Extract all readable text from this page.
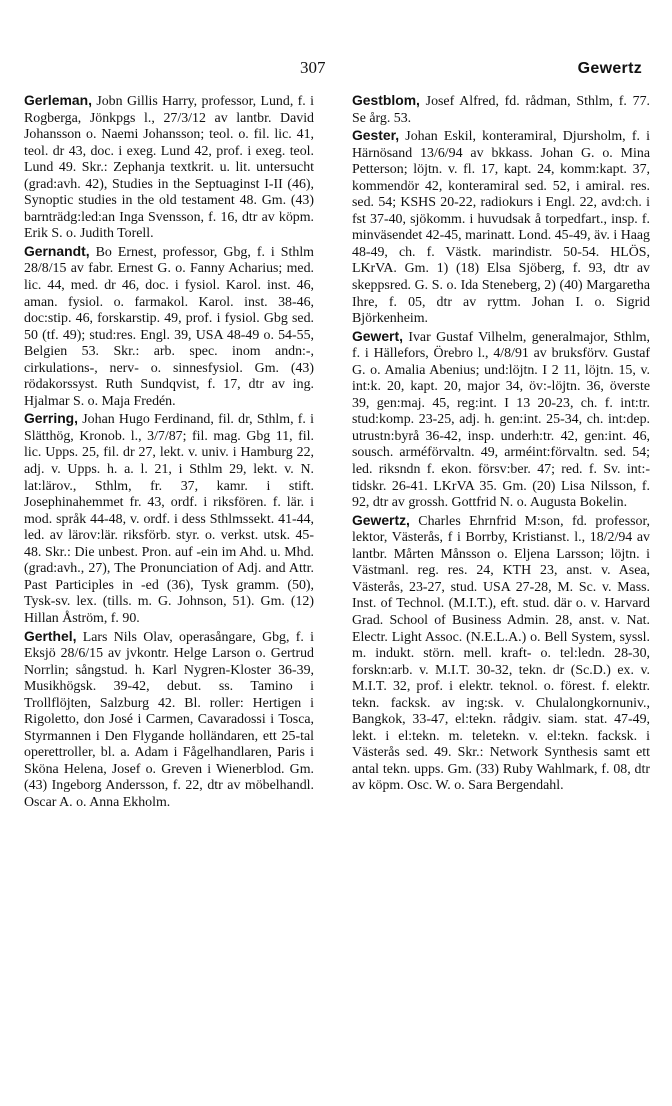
307	Gewertz

Gerleman, Jobn Gillis Harry, professor, Lund, f. i Rogberga, Jönkpgs l., 27/3/12 av lantbr. David Johansson o. Naemi Johansson; teol. o. fil. lic. 41, teol. dr 43, doc. i exeg. Lund 42, prof. i exeg. teol. Lund 49. Skr.: Zephanja textkrit. u. lit. untersucht (grad:avh. 42), Studies in the Septuaginst I-II (46), Synoptic studies in the old testament 48. Gm. (43) barnträdg:led:an Inga Svensson, f. 16, dtr av köpm. Erik S. o. Judith Torell.

Gernandt, Bo Ernest, professor, Gbg, f. i Sthlm 28/8/15 av fabr. Ernest G. o. Fanny Acharius; med. lic. 44, med. dr 46, doc. i fysiol. Karol. inst. 46, aman. fysiol. o. farmakol. Karol. inst. 38-46, doc:stip. 46, forskarstip. 49, prof. i fysiol. Gbg sed. 50 (tf. 49); stud:res. Engl. 39, USA 48-49 o. 54-55, Belgien 53. Skr.: arb. spec. inom andn:-, cirkulations-, nerv- o. sinnesfysiol. Gm. (43) rödakorssyst. Ruth Sundqvist, f. 17, dtr av ing. Hjalmar S. o. Maja Fredén.

Gerring, Johan Hugo Ferdinand, fil. dr, Sthlm, f. i Slätthög, Kronob. l., 3/7/87; fil. mag. Gbg 11, fil. lic. Upps. 25, fil. dr 27, lekt. v. univ. i Hamburg 22, adj. v. Upps. h. a. l. 21, i Sthlm 29, lekt. v. N. lat:lärov., Sthlm, fr. 37, kamr. i stift. Josephinahemmet fr. 43, ordf. i riksfören. f. lär. i mod. språk 44-48, v. ordf. i dess Sthlmssekt. 41-44, led. av lärov:lär. riksförb. styr. o. verkst. utsk. 45-48. Skr.: Die unbest. Pron. auf -ein im Ahd. u. Mhd. (grad:avh., 27), The Pronunciation of Adj. and Attr. Past Participles in -ed (36), Tysk gramm. (50), Tysk-sv. lex. (tills. m. G. Johnson, 51). Gm. (12) Hillan Åström, f. 90.

Gerthel, Lars Nils Olav, operasångare, Gbg, f. i Eksjö 28/6/15 av jvkontr. Helge Larson o. Gertrud Norrlin; sångstud. h. Karl Nygren-Kloster 36-39, Musikhögsk. 39-42, debut. ss. Tamino i Trollflöjten, Salzburg 42. Bl. roller: Hertigen i Rigoletto, don José i Carmen, Cavaradossi i Tosca, Styrmannen i Den Flygande holländaren, ett 25-tal operettroller, bl. a. Adam i Fågelhandlaren, Paris i Sköna Helena, Josef o. Greven i Wienerblod. Gm. (43) Ingeborg Andersson, f. 22, dtr av möbelhandl. Oscar A. o. Anna Ekholm.

Gestblom, Josef Alfred, fd. rådman, Sthlm, f. 77. Se årg. 53.

Gester, Johan Eskil, konteramiral, Djursholm, f. i Härnösand 13/6/94 av bkkass. Johan G. o. Mina Petterson; löjtn. v. fl. 17, kapt. 24, komm:kapt. 37, kommendör 42, konteramiral sed. 52, i amiral. res. sed. 54; KSHS 20-22, radiokurs i Engl. 22, avd:ch. i fst 37-40, sjökomm. i huvudsak å torpedfart., insp. f. minväsendet 42-45, marinatt. Lond. 45-49, äv. i Haag 48-49, ch. f. Västk. marindistr. 50-54. HLÖS, LKrVA. Gm. 1) (18) Elsa Sjöberg, f. 93, dtr av skeppsred. G. S. o. Ida Steneberg, 2) (40) Margaretha Ihre, f. 05, dtr av ryttm. Johan I. o. Sigrid Björkenheim.

Gewert, Ivar Gustaf Vilhelm, generalmajor, Sthlm, f. i Hällefors, Örebro l., 4/8/91 av bruksförv. Gustaf G. o. Amalia Abenius; und:löjtn. I 2 11, löjtn. 15, v. int:k. 20, kapt. 20, major 34, öv:-löjtn. 36, överste 39, gen:maj. 45, reg:int. I 13 20-23, ch. f. int:tr. stud:komp. 23-25, adj. h. gen:int. 25-34, ch. int:dep. utrustn:byrå 36-42, insp. underh:tr. 42, gen:int. 46, sousch. arméförvaltn. 49, arméint:förvaltn. sed. 54; led. riksndn f. ekon. försv:ber. 47; red. f. Sv. int:-tidskr. 26-41. LKrVA 35. Gm. (20) Lisa Nilsson, f. 92, dtr av grossh. Gottfrid N. o. Augusta Bokelin.

Gewertz, Charles Ehrnfrid M:son, fd. professor, lektor, Västerås, f i Borrby, Kristianst. l., 18/2/94 av lantbr. Mårten Månsson o. Eljena Larsson; löjtn. i Västmanl. reg. res. 24, KTH 23, anst. v. Asea, Västerås, 23-27, stud. USA 27-28, M. Sc. v. Mass. Inst. of Technol. (M.I.T.), eft. stud. där o. v. Harvard Grad. School of Business Admin. 28, anst. v. Nat. Electr. Light Assoc. (N.E.L.A.) o. Bell System, syssl. m. indukt. störn. mell. kraft- o. tel:ledn. 28-30, forskn:arb. v. M.I.T. 30-32, tekn. dr (Sc.D.) ex. v. M.I.T. 32, prof. i elektr. teknol. o. förest. f. elektr. tekn. facksk. av ing:sk. v. Chulalongkornuniv., Bangkok, 33-47, el:tekn. rådgiv. siam. stat. 47-49, lekt. i el:tekn. m. teletekn. v. el:tekn. facksk. i Västerås sed. 49. Skr.: Network Synthesis samt ett antal tekn. upps. Gm. (33) Ruby Wahlmark, f. 08, dtr av köpm. Osc. W. o. Sara Bergendahl.
